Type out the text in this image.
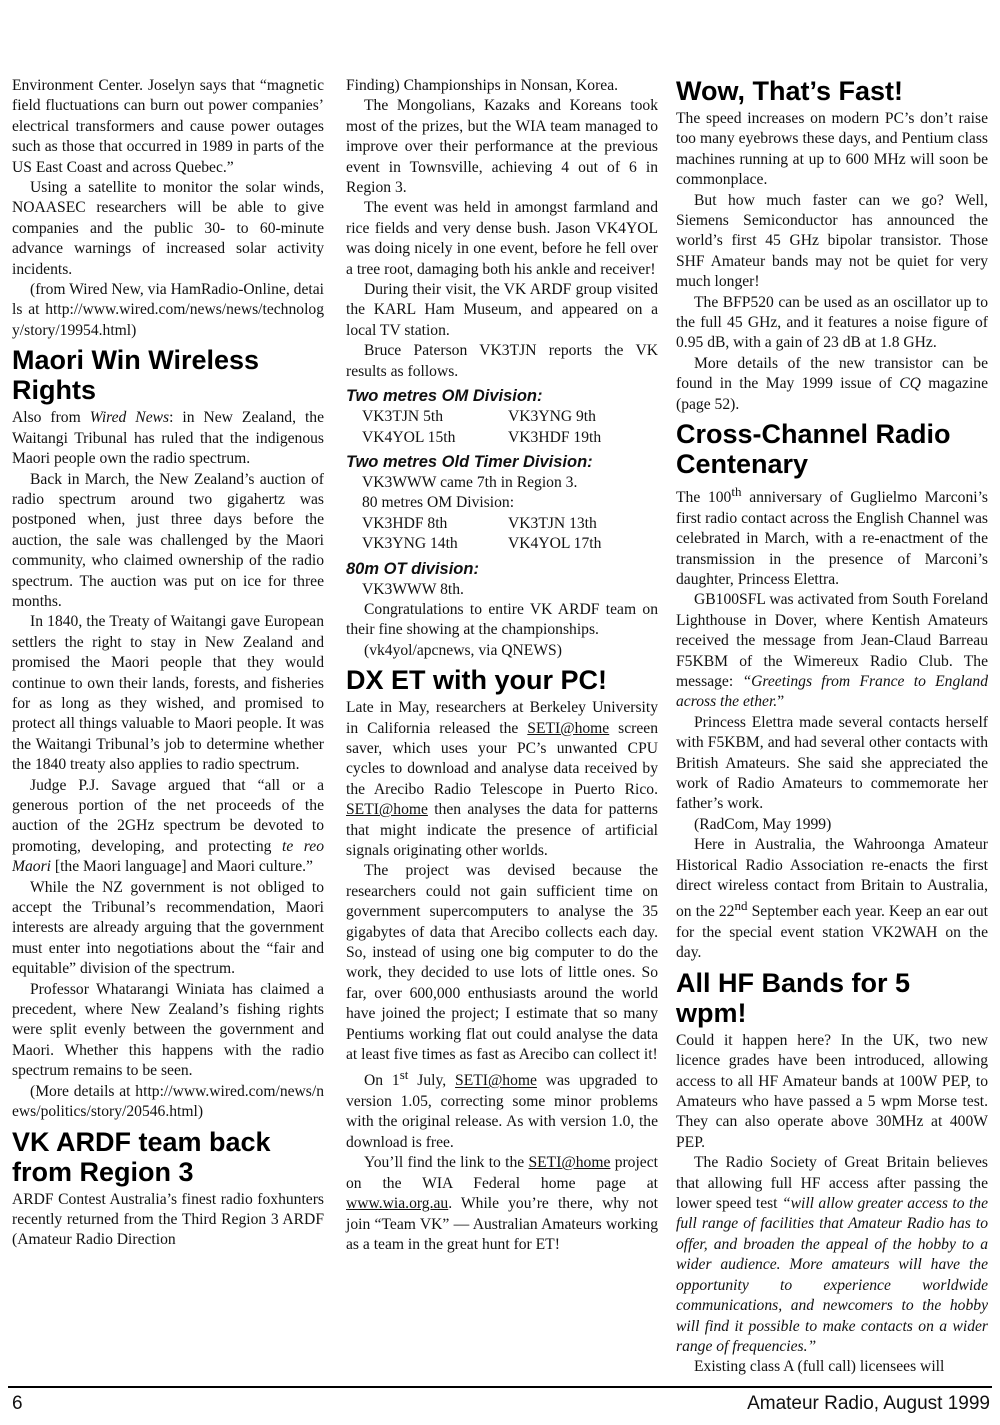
Environment Center. Joselyn says that “magnetic field fluctuations can burn out power companies’ electrical transformers and cause power outages such as those that occurred in 1989 in parts of the US East Coast and across Quebec.”

Using a satellite to monitor the solar winds, NOAASEC researchers will be able to give companies and the public 30- to 60-minute advance warnings of increased solar activity incidents.

(from Wired New, via HamRadio-Online, details at http://www.wired.com/news/news/technology/story/19954.html)

Maori Win Wireless Rights

Also from Wired News: in New Zealand, the Waitangi Tribunal has ruled that the indigenous Maori people own the radio spectrum.

Back in March, the New Zealand’s auction of radio spectrum around two gigahertz was postponed when, just three days before the auction, the sale was challenged by the Maori community, who claimed ownership of the radio spectrum. The auction was put on ice for three months.

In 1840, the Treaty of Waitangi gave European settlers the right to stay in New Zealand and promised the Maori people that they would continue to own their lands, forests, and fisheries for as long as they wished, and promised to protect all things valuable to Maori people. It was the Waitangi Tribunal’s job to determine whether the 1840 treaty also applies to radio spectrum.

Judge P.J. Savage argued that “all or a generous portion of the net proceeds of the auction of the 2GHz spectrum be devoted to promoting, developing, and protecting te reo Maori [the Maori language] and Maori culture.”

While the NZ government is not obliged to accept the Tribunal’s recommendation, Maori interests are already arguing that the government must enter into negotiations about the “fair and equitable” division of the spectrum.

Professor Whatarangi Winiata has claimed a precedent, where New Zealand’s fishing rights were split evenly between the government and Maori. Whether this happens with the radio spectrum remains to be seen.

(More details at http://www.wired.com/news/news/politics/story/20546.html)

VK ARDF team back from Region 3

ARDF Contest Australia’s finest radio foxhunters recently returned from the Third Region 3 ARDF (Amateur Radio Direction

Finding) Championships in Nonsan, Korea.

The Mongolians, Kazaks and Koreans took most of the prizes, but the WIA team managed to improve over their performance at the previous event in Townsville, achieving 4 out of 6 in Region 3.

The event was held in amongst farmland and rice fields and very dense bush. Jason VK4YOL was doing nicely in one event, before he fell over a tree root, damaging both his ankle and receiver!

During their visit, the VK ARDF group visited the KARL Ham Museum, and appeared on a local TV station.

Bruce Paterson VK3TJN reports the VK results as follows.

Two metres OM Division:
VK3TJN 5th	VK3YNG 9th
VK4YOL 15th	VK3HDF 19th
Two metres Old Timer Division:
VK3WWW came 7th in Region 3.
80 metres OM Division:
VK3HDF 8th	VK3TJN 13th
VK3YNG 14th	VK4YOL 17th
80m OT division:
VK3WWW 8th.

Congratulations to entire VK ARDF team on their fine showing at the championships.

(vk4yol/apcnews, via QNEWS)

DX ET with your PC!

Late in May, researchers at Berkeley University in California released the SETI@home screen saver, which uses your PC’s unwanted CPU cycles to download and analyse data received by the Arecibo Radio Telescope in Puerto Rico. SETI@home then analyses the data for patterns that might indicate the presence of artificial signals originating other worlds.

The project was devised because the researchers could not gain sufficient time on government supercomputers to analyse the 35 gigabytes of data that Arecibo collects each day. So, instead of using one big computer to do the work, they decided to use lots of little ones. So far, over 600,000 enthusiasts around the world have joined the project; I estimate that so many Pentiums working flat out could analyse the data at least five times as fast as Arecibo can collect it!

On 1st July, SETI@home was upgraded to version 1.05, correcting some minor problems with the original release. As with version 1.0, the download is free.

You’ll find the link to the SETI@home project on the WIA Federal home page at www.wia.org.au. While you’re there, why not join “Team VK” — Australian Amateurs working as a team in the great hunt for ET!

Wow, That’s Fast!

The speed increases on modern PC’s don’t raise too many eyebrows these days, and Pentium class machines running at up to 600 MHz will soon be commonplace.

But how much faster can we go? Well, Siemens Semiconductor has announced the world’s first 45 GHz bipolar transistor. Those SHF Amateur bands may not be quiet for very much longer!

The BFP520 can be used as an oscillator up to the full 45 GHz, and it features a noise figure of 0.95 dB, with a gain of 23 dB at 1.8 GHz.

More details of the new transistor can be found in the May 1999 issue of CQ magazine (page 52).

Cross-Channel Radio Centenary

The 100th anniversary of Guglielmo Marconi’s first radio contact across the English Channel was celebrated in March, with a re-enactment of the transmission in the presence of Marconi’s daughter, Princess Elettra.

GB100SFL was activated from South Foreland Lighthouse in Dover, where Kentish Amateurs received the message from Jean-Claud Barreau F5KBM of the Wimereux Radio Club. The message: “Greetings from France to England across the ether.”

Princess Elettra made several contacts herself with F5KBM, and had several other contacts with British Amateurs. She said she appreciated the work of Radio Amateurs to commemorate her father’s work.

(RadCom, May 1999)

Here in Australia, the Wahroonga Amateur Historical Radio Association re-enacts the first direct wireless contact from Britain to Australia, on the 22nd September each year. Keep an ear out for the special event station VK2WAH on the day.

All HF Bands for 5 wpm!

Could it happen here? In the UK, two new licence grades have been introduced, allowing access to all HF Amateur bands at 100W PEP, to Amateurs who have passed a 5 wpm Morse test. They can also operate above 30MHz at 400W PEP.

The Radio Society of Great Britain believes that allowing full HF access after passing the lower speed test “will allow greater access to the full range of facilities that Amateur Radio has to offer, and broaden the appeal of the hobby to a wider audience. More amateurs will have the opportunity to experience worldwide communications, and newcomers to the hobby will find it possible to make contacts on a wider range of frequencies.”

Existing class A (full call) licensees will

6	Amateur Radio, August 1999
